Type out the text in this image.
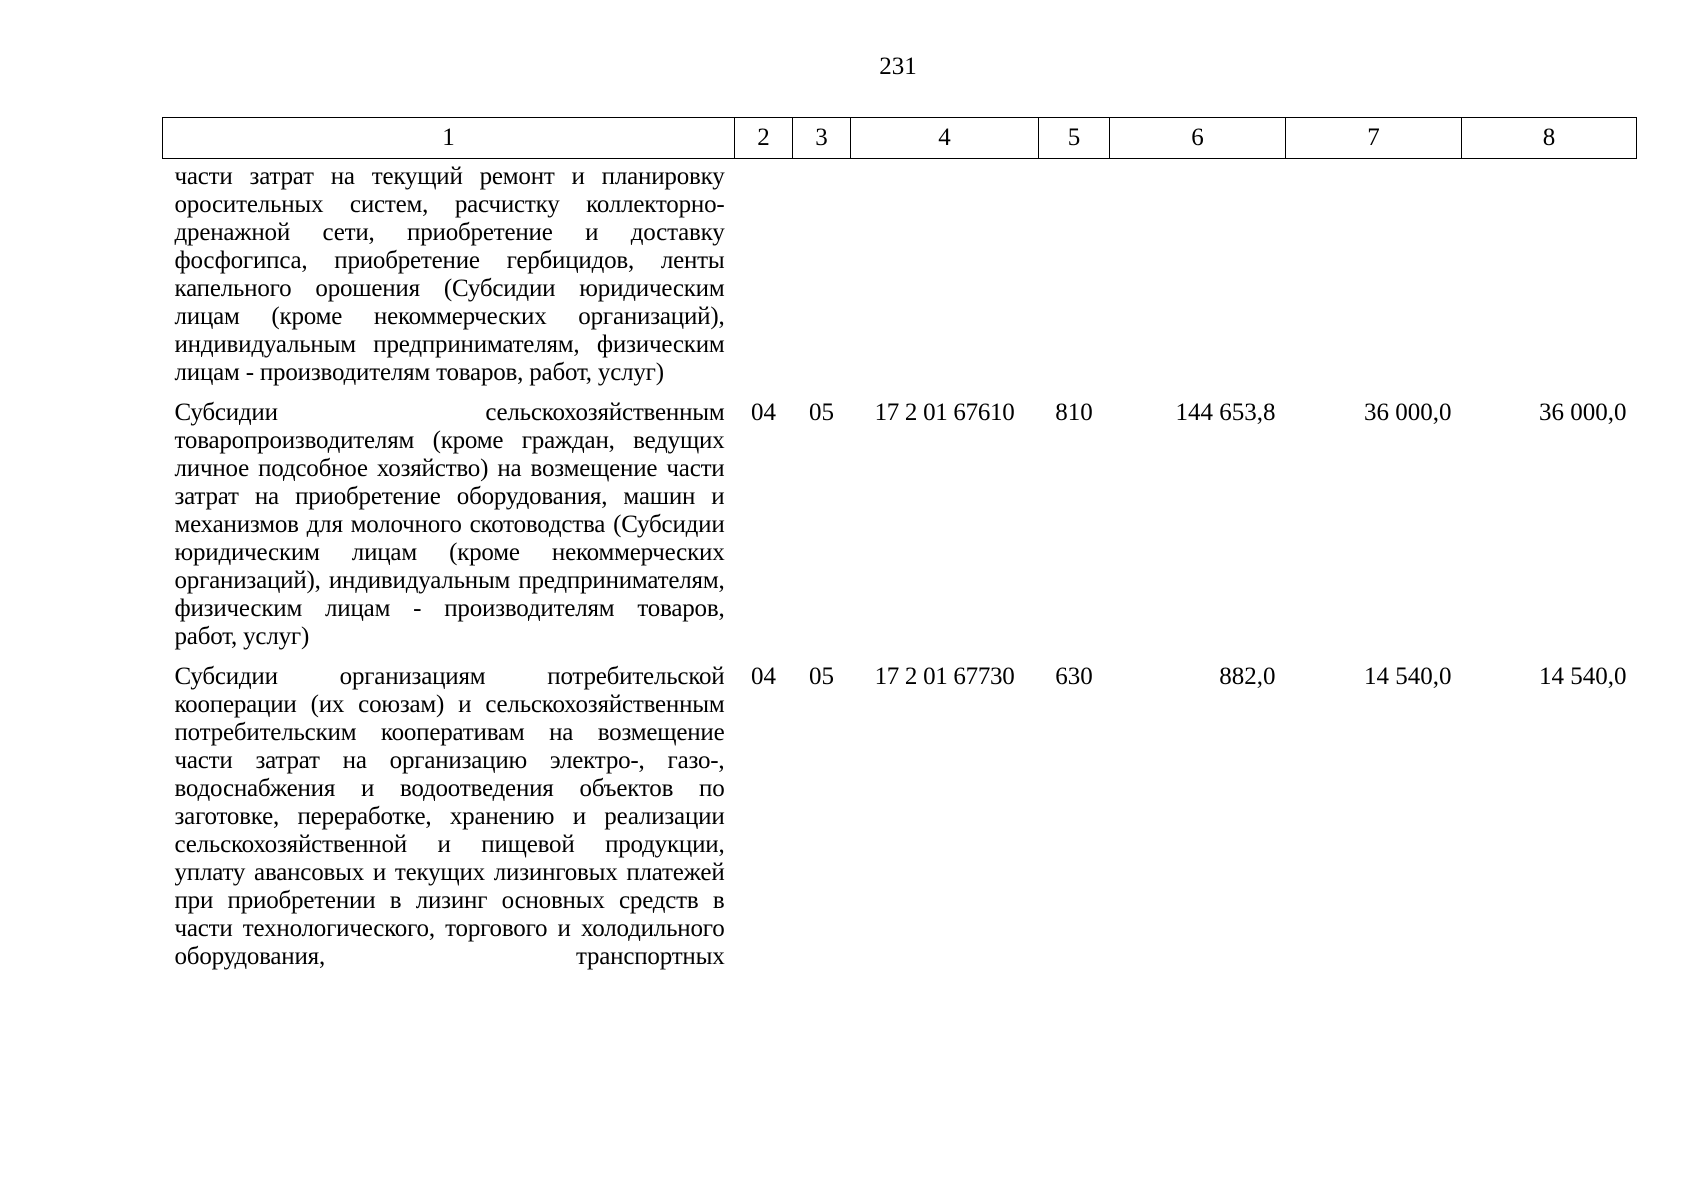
231
1	2	3	4	5	6	7	8
части затрат на текущий ремонт и планировку оросительных систем, расчистку коллекторно-дренажной сети, приобретение и доставку фосфогипса, приобретение гербицидов, ленты капельного орошения (Субсидии юридическим лицам (кроме некоммерческих организаций), индивидуальным предпринимателям, физическим лицам - производителям товаров, работ, услуг)							
Субсидии сельскохозяйственным товаропроизводителям (кроме граждан, ведущих личное подсобное хозяйство) на возмещение части затрат на приобретение оборудования, машин и механизмов для молочного скотоводства (Субсидии юридическим лицам (кроме некоммерческих организаций), индивидуальным предпринимателям, физическим лицам - производителям товаров, работ, услуг)	04	05	17 2 01 67610	810	144 653,8	36 000,0	36 000,0
Субсидии организациям потребительской кооперации (их союзам) и сельскохозяйственным потребительским кооперативам на возмещение части затрат на организацию электро-, газо-, водоснабжения и водоотведения объектов по заготовке, переработке, хранению и реализации сельскохозяйственной и пищевой продукции, уплату авансовых и текущих лизинговых платежей при приобретении в лизинг основных средств в части технологического, торгового и холодильного оборудования, транспортных	04	05	17 2 01 67730	630	882,0	14 540,0	14 540,0
